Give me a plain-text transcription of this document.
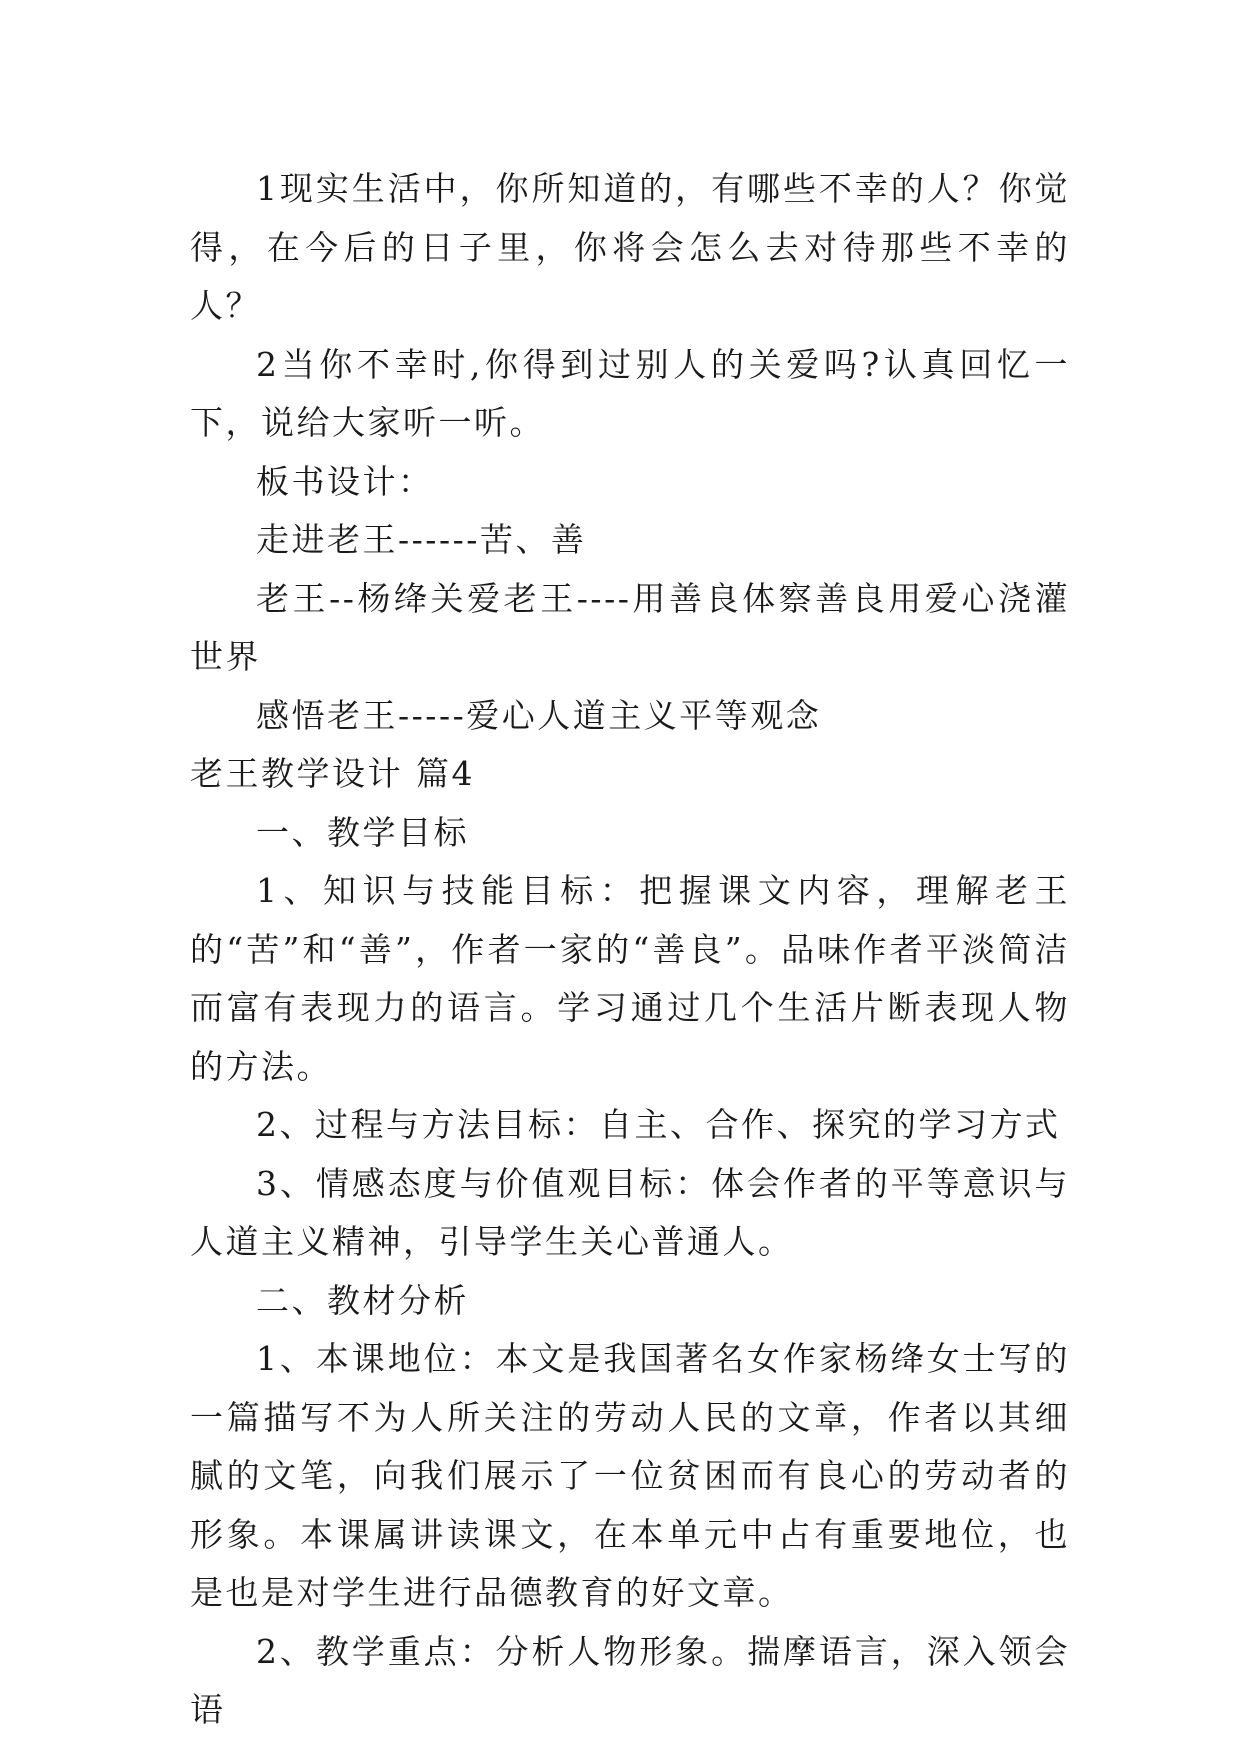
1现实生活中，你所知道的，有哪些不幸的人？你觉得，在今后的日子里，你将会怎么去对待那些不幸的人？

2当你不幸时,你得到过别人的关爱吗?认真回忆一下，说给大家听一听。

板书设计：

走进老王------苦、善

老王--杨绛关爱老王----用善良体察善良用爱心浇灌世界

感悟老王-----爱心人道主义平等观念

老王教学设计 篇4

一、教学目标

1、知识与技能目标：把握课文内容，理解老王的“苦”和“善”，作者一家的“善良”。品味作者平淡简洁而富有表现力的语言。学习通过几个生活片断表现人物的方法。

2、过程与方法目标：自主、合作、探究的学习方式

3、情感态度与价值观目标：体会作者的平等意识与人道主义精神，引导学生关心普通人。

二、教材分析

1、本课地位：本文是我国著名女作家杨绛女士写的一篇描写不为人所关注的劳动人民的文章，作者以其细腻的文笔，向我们展示了一位贫困而有良心的劳动者的形象。本课属讲读课文，在本单元中占有重要地位，也是也是对学生进行品德教育的好文章。

2、教学重点：分析人物形象。揣摩语言，深入领会语
